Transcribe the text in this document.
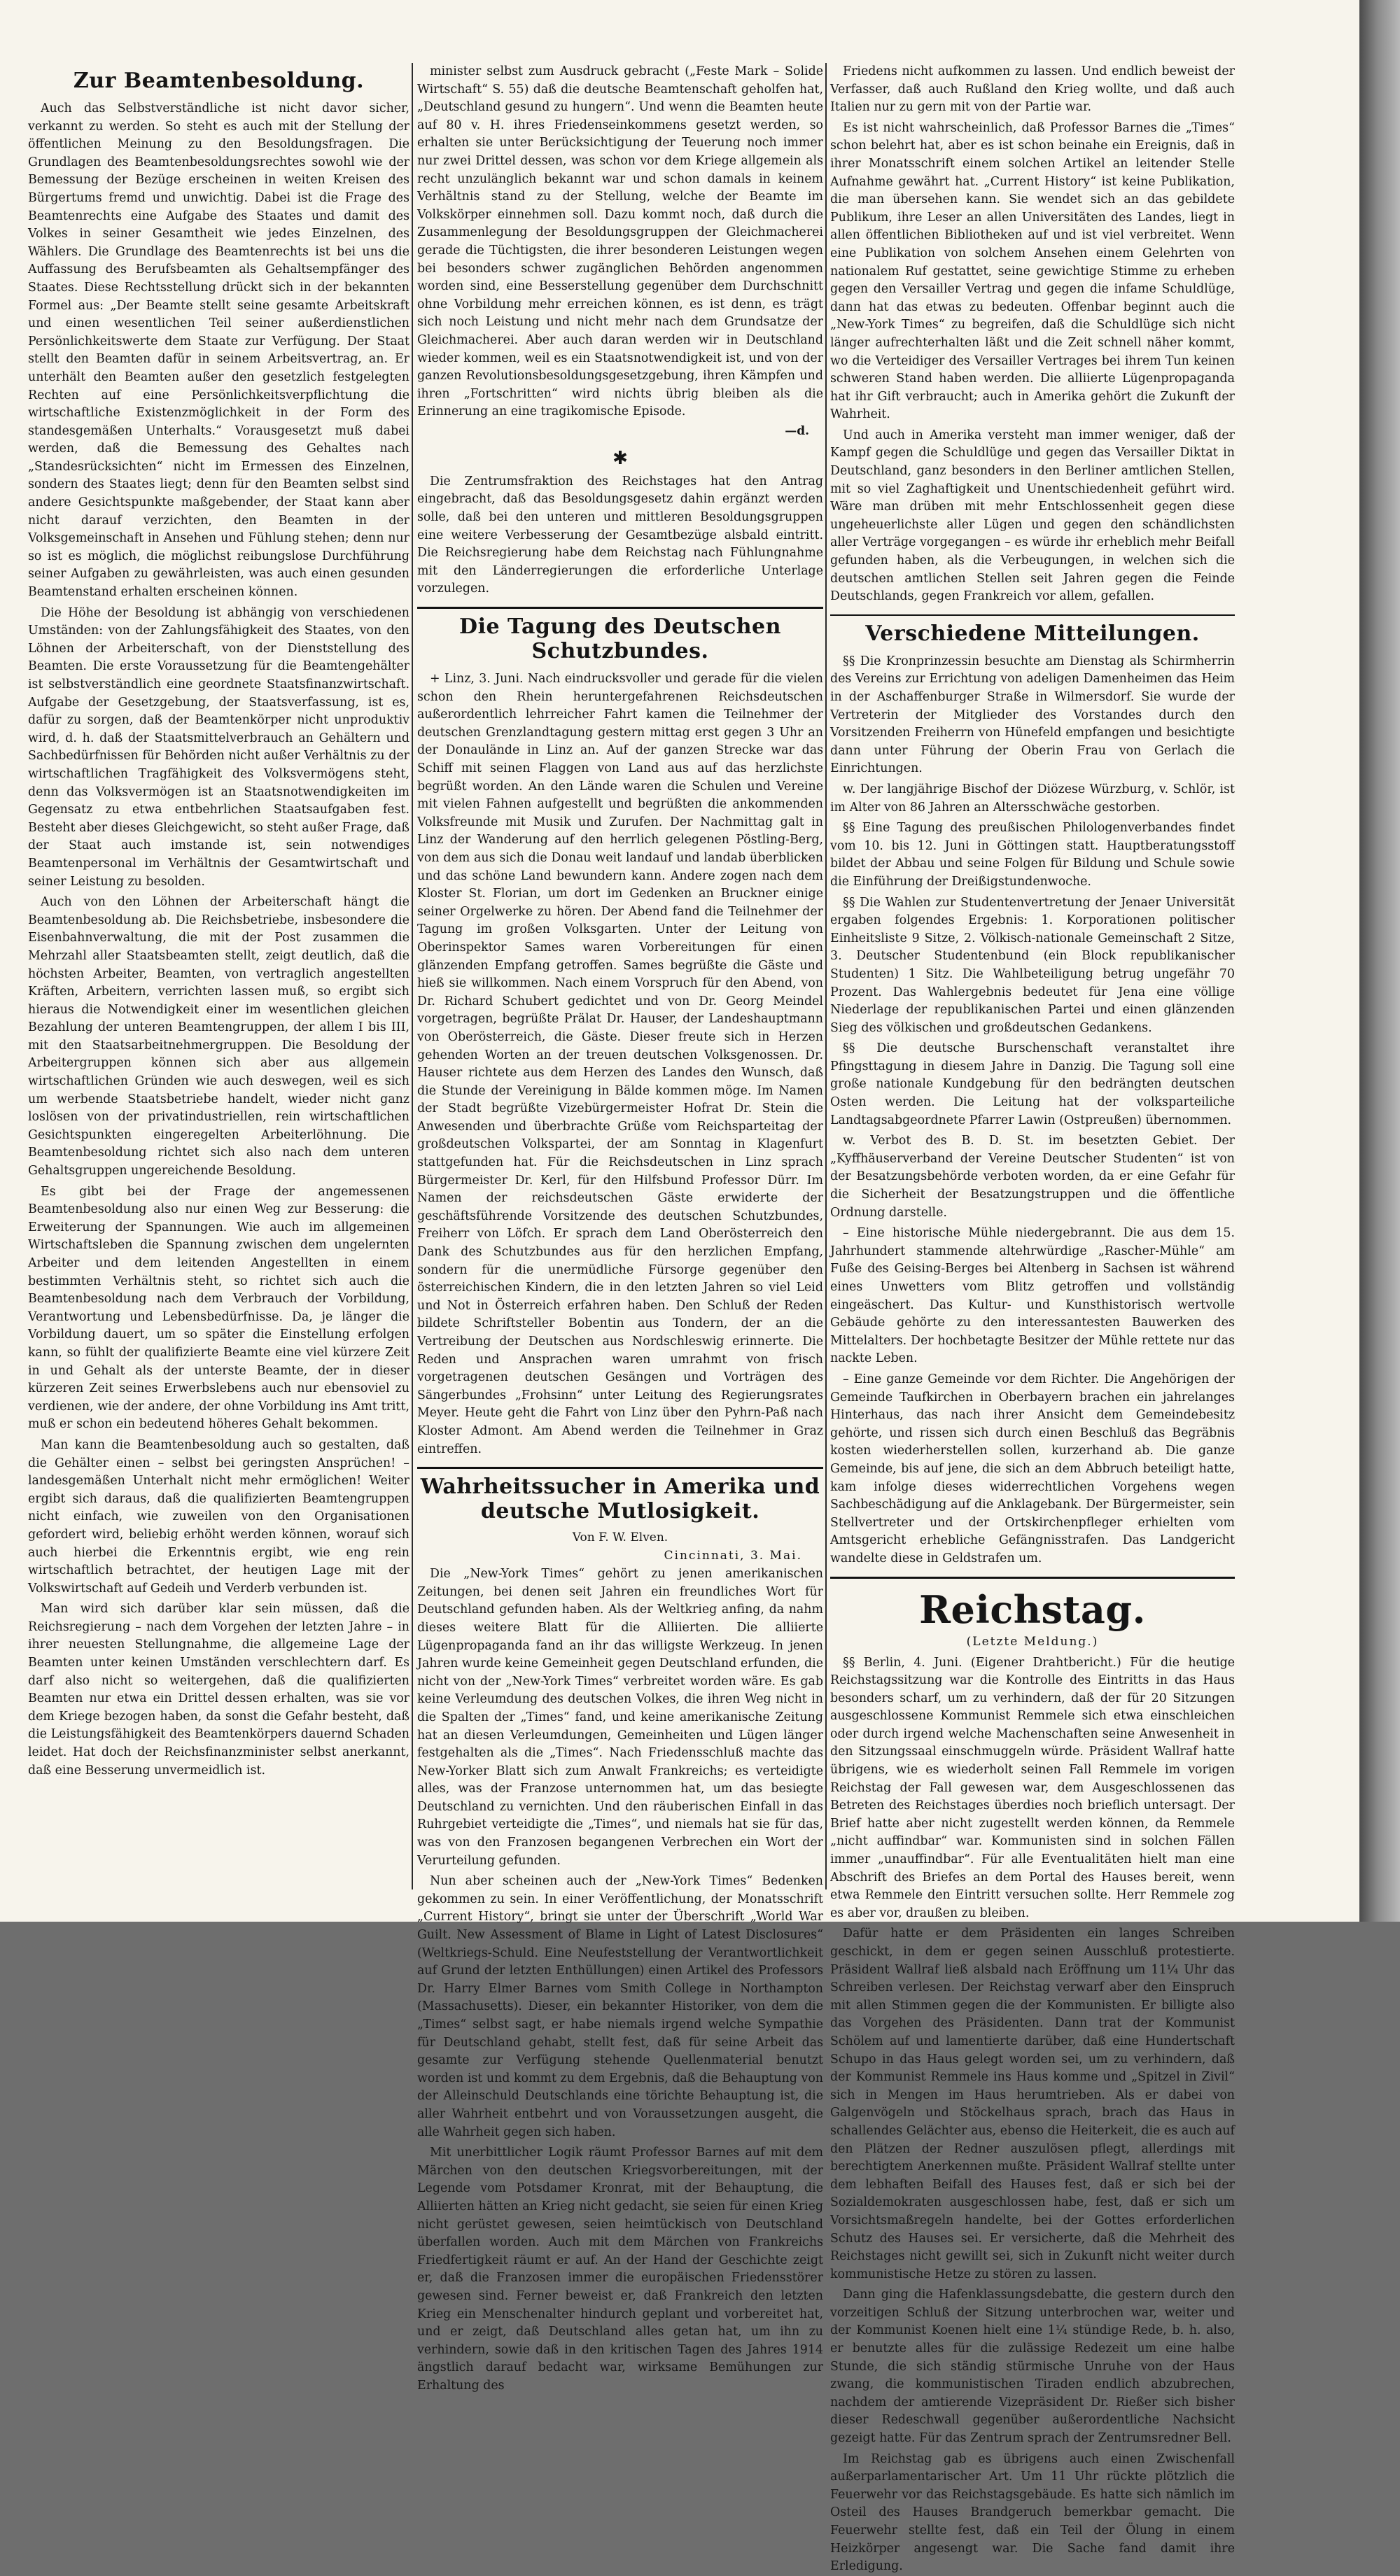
Zur Beamtenbesoldung.

Auch das Selbstverständliche ist nicht davor sicher, verkannt zu werden. So steht es auch mit der Stellung der öffentlichen Meinung zu den Besoldungsfragen. Die Grundlagen des Beamtenbesoldungsrechtes sowohl wie der Bemessung der Bezüge erscheinen in weiten Kreisen des Bürgertums fremd und unwichtig. Dabei ist die Frage des Beamtenrechts eine Aufgabe des Staates und damit des Volkes in seiner Gesamtheit wie jedes Einzelnen, des Wählers. Die Grundlage des Beamtenrechts ist bei uns die Auffassung des Berufsbeamten als Gehaltsempfänger des Staates. Diese Rechtsstellung drückt sich in der bekannten Formel aus: „Der Beamte stellt seine gesamte Arbeitskraft und einen wesentlichen Teil seiner außerdienstlichen Persönlichkeitswerte dem Staate zur Verfügung. Der Staat stellt den Beamten dafür in seinem Arbeitsvertrag, an. Er unterhält den Beamten außer den gesetzlich festgelegten Rechten auf eine Persönlichkeitsverpflichtung die wirtschaftliche Existenzmöglichkeit in der Form des standesgemäßen Unterhalts.“ Vorausgesetzt muß dabei werden, daß die Bemessung des Gehaltes nach „Standesrücksichten“ nicht im Ermessen des Einzelnen, sondern des Staates liegt; denn für den Beamten selbst sind andere Gesichtspunkte maßgebender, der Staat kann aber nicht darauf verzichten, den Beamten in der Volksgemeinschaft in Ansehen und Fühlung stehen; denn nur so ist es möglich, die möglichst reibungslose Durchführung seiner Aufgaben zu gewährleisten, was auch einen gesunden Beamtenstand erhalten erscheinen können.

Die Höhe der Besoldung ist abhängig von verschiedenen Umständen: von der Zahlungsfähigkeit des Staates, von den Löhnen der Arbeiterschaft, von der Dienststellung des Beamten. Die erste Voraussetzung für die Beamtengehälter ist selbstverständlich eine geordnete Staatsfinanzwirtschaft. Aufgabe der Gesetzgebung, der Staatsverfassung, ist es, dafür zu sorgen, daß der Beamtenkörper nicht unproduktiv wird, d. h. daß der Staatsmittelverbrauch an Gehältern und Sachbedürfnissen für Behörden nicht außer Verhältnis zu der wirtschaftlichen Tragfähigkeit des Volksvermögens steht, denn das Volksvermögen ist an Staatsnotwendigkeiten im Gegensatz zu etwa entbehrlichen Staatsaufgaben fest. Besteht aber dieses Gleichgewicht, so steht außer Frage, daß der Staat auch imstande ist, sein notwendiges Beamtenpersonal im Verhältnis der Gesamtwirtschaft und seiner Leistung zu besolden.

Auch von den Löhnen der Arbeiterschaft hängt die Beamtenbesoldung ab. Die Reichsbetriebe, insbesondere die Eisenbahnverwaltung, die mit der Post zusammen die Mehrzahl aller Staatsbeamten stellt, zeigt deutlich, daß die höchsten Arbeiter, Beamten, von vertraglich angestellten Kräften, Arbeitern, verrichten lassen muß, so ergibt sich hieraus die Notwendigkeit einer im wesentlichen gleichen Bezahlung der unteren Beamtengruppen, der allem I bis III, mit den Staatsarbeitnehmergruppen. Die Besoldung der Arbeitergruppen können sich aber aus allgemein wirtschaftlichen Gründen wie auch deswegen, weil es sich um werbende Staatsbetriebe handelt, wieder nicht ganz loslösen von der privatindustriellen, rein wirtschaftlichen Gesichtspunkten eingeregelten Arbeiterlöhnung. Die Beamtenbesoldung richtet sich also nach dem unteren Gehaltsgruppen ungereichende Besoldung.

Es gibt bei der Frage der angemessenen Beamtenbesoldung also nur einen Weg zur Besserung: die Erweiterung der Spannungen. Wie auch im allgemeinen Wirtschaftsleben die Spannung zwischen dem ungelernten Arbeiter und dem leitenden Angestellten in einem bestimmten Verhältnis steht, so richtet sich auch die Beamtenbesoldung nach dem Verbrauch der Vorbildung, Verantwortung und Lebensbedürfnisse. Da, je länger die Vorbildung dauert, um so später die Einstellung erfolgen kann, so fühlt der qualifizierte Beamte eine viel kürzere Zeit in und Gehalt als der unterste Beamte, der in dieser kürzeren Zeit seines Erwerbslebens auch nur ebensoviel zu verdienen, wie der andere, der ohne Vorbildung ins Amt tritt, muß er schon ein bedeutend höheres Gehalt bekommen.

Man kann die Beamtenbesoldung auch so gestalten, daß die Gehälter einen – selbst bei geringsten Ansprüchen! – landesgemäßen Unterhalt nicht mehr ermöglichen! Weiter ergibt sich daraus, daß die qualifizierten Beamtengruppen nicht einfach, wie zuweilen von den Organisationen gefordert wird, beliebig erhöht werden können, worauf sich auch hierbei die Erkenntnis ergibt, wie eng rein wirtschaftlich betrachtet, der heutigen Lage mit der Volkswirtschaft auf Gedeih und Verderb verbunden ist.

Man wird sich darüber klar sein müssen, daß die Reichsregierung – nach dem Vorgehen der letzten Jahre – in ihrer neuesten Stellungnahme, die allgemeine Lage der Beamten unter keinen Umständen verschlechtern darf. Es darf also nicht so weitergehen, daß die qualifizierten Beamten nur etwa ein Drittel dessen erhalten, was sie vor dem Kriege bezogen haben, da sonst die Gefahr besteht, daß die Leistungsfähigkeit des Beamtenkörpers dauernd Schaden leidet. Hat doch der Reichsfinanzminister selbst anerkannt, daß eine Besserung unvermeidlich ist.

minister selbst zum Ausdruck gebracht („Feste Mark – Solide Wirtschaft“ S. 55) daß die deutsche Beamtenschaft geholfen hat, „Deutschland gesund zu hungern“. Und wenn die Beamten heute auf 80 v. H. ihres Friedenseinkommens gesetzt werden, so erhalten sie unter Berücksichtigung der Teuerung noch immer nur zwei Drittel dessen, was schon vor dem Kriege allgemein als recht unzulänglich bekannt war und schon damals in keinem Verhältnis stand zu der Stellung, welche der Beamte im Volkskörper einnehmen soll. Dazu kommt noch, daß durch die Zusammenlegung der Besoldungsgruppen der Gleichmacherei gerade die Tüchtigsten, die ihrer besonderen Leistungen wegen bei besonders schwer zugänglichen Behörden angenommen worden sind, eine Besserstellung gegenüber dem Durchschnitt ohne Vorbildung mehr erreichen können, es ist denn, es trägt sich noch Leistung und nicht mehr nach dem Grundsatze der Gleichmacherei. Aber auch daran werden wir in Deutschland wieder kommen, weil es ein Staatsnotwendigkeit ist, und von der ganzen Revolutionsbesoldungsgesetzgebung, ihren Kämpfen und ihren „Fortschritten“ wird nichts übrig bleiben als die Erinnerung an eine tragikomische Episode.

—d.
✱

Die Zentrumsfraktion des Reichstages hat den Antrag eingebracht, daß das Besoldungsgesetz dahin ergänzt werden solle, daß bei den unteren und mittleren Besoldungsgruppen eine weitere Verbesserung der Gesamtbezüge alsbald eintritt. Die Reichsregierung habe dem Reichstag nach Fühlungnahme mit den Länderregierungen die erforderliche Unterlage vorzulegen.

Die Tagung des Deutschen Schutzbundes.

+ Linz, 3. Juni. Nach eindrucksvoller und gerade für die vielen schon den Rhein heruntergefahrenen Reichsdeutschen außerordentlich lehrreicher Fahrt kamen die Teilnehmer der deutschen Grenzlandtagung gestern mittag erst gegen 3 Uhr an der Donaulände in Linz an. Auf der ganzen Strecke war das Schiff mit seinen Flaggen von Land aus auf das herzlichste begrüßt worden. An den Lände waren die Schulen und Vereine mit vielen Fahnen aufgestellt und begrüßten die ankommenden Volksfreunde mit Musik und Zurufen. Der Nachmittag galt in Linz der Wanderung auf den herrlich gelegenen Pöstling-Berg, von dem aus sich die Donau weit landauf und landab überblicken und das schöne Land bewundern kann. Andere zogen nach dem Kloster St. Florian, um dort im Gedenken an Bruckner einige seiner Orgelwerke zu hören. Der Abend fand die Teilnehmer der Tagung im großen Volksgarten. Unter der Leitung von Oberinspektor Sames waren Vorbereitungen für einen glänzenden Empfang getroffen. Sames begrüßte die Gäste und hieß sie willkommen. Nach einem Vorspruch für den Abend, von Dr. Richard Schubert gedichtet und von Dr. Georg Meindel vorgetragen, begrüßte Prälat Dr. Hauser, der Landeshauptmann von Oberösterreich, die Gäste. Dieser freute sich in Herzen gehenden Worten an der treuen deutschen Volksgenossen. Dr. Hauser richtete aus dem Herzen des Landes den Wunsch, daß die Stunde der Vereinigung in Bälde kommen möge. Im Namen der Stadt begrüßte Vizebürgermeister Hofrat Dr. Stein die Anwesenden und überbrachte Grüße vom Reichsparteitag der großdeutschen Volkspartei, der am Sonntag in Klagenfurt stattgefunden hat. Für die Reichsdeutschen in Linz sprach Bürgermeister Dr. Kerl, für den Hilfsbund Professor Dürr. Im Namen der reichsdeutschen Gäste erwiderte der geschäftsführende Vorsitzende des deutschen Schutzbundes, Freiherr von Löfch. Er sprach dem Land Oberösterreich den Dank des Schutzbundes aus für den herzlichen Empfang, sondern für die unermüdliche Fürsorge gegenüber den österreichischen Kindern, die in den letzten Jahren so viel Leid und Not in Österreich erfahren haben. Den Schluß der Reden bildete Schriftsteller Bobentin aus Tondern, der an die Vertreibung der Deutschen aus Nordschleswig erinnerte. Die Reden und Ansprachen waren umrahmt von frisch vorgetragenen deutschen Gesängen und Vorträgen des Sängerbundes „Frohsinn“ unter Leitung des Regierungsrates Meyer. Heute geht die Fahrt von Linz über den Pyhrn-Paß nach Kloster Admont. Am Abend werden die Teilnehmer in Graz eintreffen.

Wahrheitssucher in Amerika und deutsche Mutlosigkeit.
Von F. W. Elven.
Cincinnati, 3. Mai.

Die „New-York Times“ gehört zu jenen amerikanischen Zeitungen, bei denen seit Jahren ein freundliches Wort für Deutschland gefunden haben. Als der Weltkrieg anfing, da nahm dieses weitere Blatt für die Alliierten. Die alliierte Lügenpropaganda fand an ihr das willigste Werkzeug. In jenen Jahren wurde keine Gemeinheit gegen Deutschland erfunden, die nicht von der „New-York Times“ verbreitet worden wäre. Es gab keine Verleumdung des deutschen Volkes, die ihren Weg nicht in die Spalten der „Times“ fand, und keine amerikanische Zeitung hat an diesen Verleumdungen, Gemeinheiten und Lügen länger festgehalten als die „Times“. Nach Friedensschluß machte das New-Yorker Blatt sich zum Anwalt Frankreichs; es verteidigte alles, was der Franzose unternommen hat, um das besiegte Deutschland zu vernichten. Und den räuberischen Einfall in das Ruhrgebiet verteidigte die „Times“, und niemals hat sie für das, was von den Franzosen begangenen Verbrechen ein Wort der Verurteilung gefunden.

Nun aber scheinen auch der „New-York Times“ Bedenken gekommen zu sein. In einer Veröffentlichung, der Monatsschrift „Current History“, bringt sie unter der Überschrift „World War Guilt. New Assessment of Blame in Light of Latest Disclosures“ (Weltkriegs-Schuld. Eine Neufeststellung der Verantwortlichkeit auf Grund der letzten Enthüllungen) einen Artikel des Professors Dr. Harry Elmer Barnes vom Smith College in Northampton (Massachusetts). Dieser, ein bekannter Historiker, von dem die „Times“ selbst sagt, er habe niemals irgend welche Sympathie für Deutschland gehabt, stellt fest, daß für seine Arbeit das gesamte zur Verfügung stehende Quellenmaterial benutzt worden ist und kommt zu dem Ergebnis, daß die Behauptung von der Alleinschuld Deutschlands eine törichte Behauptung ist, die aller Wahrheit entbehrt und von Voraussetzungen ausgeht, die alle Wahrheit gegen sich haben.

Mit unerbittlicher Logik räumt Professor Barnes auf mit dem Märchen von den deutschen Kriegsvorbereitungen, mit der Legende vom Potsdamer Kronrat, mit der Behauptung, die Alliierten hätten an Krieg nicht gedacht, sie seien für einen Krieg nicht gerüstet gewesen, seien heimtückisch von Deutschland überfallen worden. Auch mit dem Märchen von Frankreichs Friedfertigkeit räumt er auf. An der Hand der Geschichte zeigt er, daß die Franzosen immer die europäischen Friedensstörer gewesen sind. Ferner beweist er, daß Frankreich den letzten Krieg ein Menschenalter hindurch geplant und vorbereitet hat, und er zeigt, daß Deutschland alles getan hat, um ihn zu verhindern, sowie daß in den kritischen Tagen des Jahres 1914 ängstlich darauf bedacht war, wirksame Bemühungen zur Erhaltung des

Friedens nicht aufkommen zu lassen. Und endlich beweist der Verfasser, daß auch Rußland den Krieg wollte, und daß auch Italien nur zu gern mit von der Partie war.

Es ist nicht wahrscheinlich, daß Professor Barnes die „Times“ schon belehrt hat, aber es ist schon beinahe ein Ereignis, daß in ihrer Monatsschrift einem solchen Artikel an leitender Stelle Aufnahme gewährt hat. „Current History“ ist keine Publikation, die man übersehen kann. Sie wendet sich an das gebildete Publikum, ihre Leser an allen Universitäten des Landes, liegt in allen öffentlichen Bibliotheken auf und ist viel verbreitet. Wenn eine Publikation von solchem Ansehen einem Gelehrten von nationalem Ruf gestattet, seine gewichtige Stimme zu erheben gegen den Versailler Vertrag und gegen die infame Schuldlüge, dann hat das etwas zu bedeuten. Offenbar beginnt auch die „New-York Times“ zu begreifen, daß die Schuldlüge sich nicht länger aufrechterhalten läßt und die Zeit schnell näher kommt, wo die Verteidiger des Versailler Vertrages bei ihrem Tun keinen schweren Stand haben werden. Die alliierte Lügenpropaganda hat ihr Gift verbraucht; auch in Amerika gehört die Zukunft der Wahrheit.

Und auch in Amerika versteht man immer weniger, daß der Kampf gegen die Schuldlüge und gegen das Versailler Diktat in Deutschland, ganz besonders in den Berliner amtlichen Stellen, mit so viel Zaghaftigkeit und Unentschiedenheit geführt wird. Wäre man drüben mit mehr Entschlossenheit gegen diese ungeheuerlichste aller Lügen und gegen den schändlichsten aller Verträge vorgegangen – es würde ihr erheblich mehr Beifall gefunden haben, als die Verbeugungen, in welchen sich die deutschen amtlichen Stellen seit Jahren gegen die Feinde Deutschlands, gegen Frankreich vor allem, gefallen.

Verschiedene Mitteilungen.

§§ Die Kronprinzessin besuchte am Dienstag als Schirmherrin des Vereins zur Errichtung von adeligen Damenheimen das Heim in der Aschaffenburger Straße in Wilmersdorf. Sie wurde der Vertreterin der Mitglieder des Vorstandes durch den Vorsitzenden Freiherrn von Hünefeld empfangen und besichtigte dann unter Führung der Oberin Frau von Gerlach die Einrichtungen.

w. Der langjährige Bischof der Diözese Würzburg, v. Schlör, ist im Alter von 86 Jahren an Altersschwäche gestorben.

§§ Eine Tagung des preußischen Philologenverbandes findet vom 10. bis 12. Juni in Göttingen statt. Hauptberatungsstoff bildet der Abbau und seine Folgen für Bildung und Schule sowie die Einführung der Dreißigstundenwoche.

§§ Die Wahlen zur Studentenvertretung der Jenaer Universität ergaben folgendes Ergebnis: 1. Korporationen politischer Einheitsliste 9 Sitze, 2. Völkisch-nationale Gemeinschaft 2 Sitze, 3. Deutscher Studentenbund (ein Block republikanischer Studenten) 1 Sitz. Die Wahlbeteiligung betrug ungefähr 70 Prozent. Das Wahlergebnis bedeutet für Jena eine völlige Niederlage der republikanischen Partei und einen glänzenden Sieg des völkischen und großdeutschen Gedankens.

§§ Die deutsche Burschenschaft veranstaltet ihre Pfingsttagung in diesem Jahre in Danzig. Die Tagung soll eine große nationale Kundgebung für den bedrängten deutschen Osten werden. Die Leitung hat der volksparteiliche Landtagsabgeordnete Pfarrer Lawin (Ostpreußen) übernommen.

w. Verbot des B. D. St. im besetzten Gebiet. Der „Kyffhäuserverband der Vereine Deutscher Studenten“ ist von der Besatzungsbehörde verboten worden, da er eine Gefahr für die Sicherheit der Besatzungstruppen und die öffentliche Ordnung darstelle.

– Eine historische Mühle niedergebrannt. Die aus dem 15. Jahrhundert stammende altehrwürdige „Rascher-Mühle“ am Fuße des Geising-Berges bei Altenberg in Sachsen ist während eines Unwetters vom Blitz getroffen und vollständig eingeäschert. Das Kultur- und Kunsthistorisch wertvolle Gebäude gehörte zu den interessantesten Bauwerken des Mittelalters. Der hochbetagte Besitzer der Mühle rettete nur das nackte Leben.

– Eine ganze Gemeinde vor dem Richter. Die Angehörigen der Gemeinde Taufkirchen in Oberbayern brachen ein jahrelanges Hinterhaus, das nach ihrer Ansicht dem Gemeindebesitz gehörte, und rissen sich durch einen Beschluß das Begräbnis kosten wiederherstellen sollen, kurzerhand ab. Die ganze Gemeinde, bis auf jene, die sich an dem Abbruch beteiligt hatte, kam infolge dieses widerrechtlichen Vorgehens wegen Sachbeschädigung auf die Anklagebank. Der Bürgermeister, sein Stellvertreter und der Ortskirchenpfleger erhielten vom Amtsgericht erhebliche Gefängnisstrafen. Das Landgericht wandelte diese in Geldstrafen um.

Reichstag.
(Letzte Meldung.)

§§ Berlin, 4. Juni. (Eigener Drahtbericht.) Für die heutige Reichstagssitzung war die Kontrolle des Eintritts in das Haus besonders scharf, um zu verhindern, daß der für 20 Sitzungen ausgeschlossene Kommunist Remmele sich etwa einschleichen oder durch irgend welche Machenschaften seine Anwesenheit in den Sitzungssaal einschmuggeln würde. Präsident Wallraf hatte übrigens, wie es wiederholt seinen Fall Remmele im vorigen Reichstag der Fall gewesen war, dem Ausgeschlossenen das Betreten des Reichstages überdies noch brieflich untersagt. Der Brief hatte aber nicht zugestellt werden können, da Remmele „nicht auffindbar“ war. Kommunisten sind in solchen Fällen immer „unauffindbar“. Für alle Eventualitäten hielt man eine Abschrift des Briefes an dem Portal des Hauses bereit, wenn etwa Remmele den Eintritt versuchen sollte. Herr Remmele zog es aber vor, draußen zu bleiben.

Dafür hatte er dem Präsidenten ein langes Schreiben geschickt, in dem er gegen seinen Ausschluß protestierte. Präsident Wallraf ließ alsbald nach Eröffnung um 11¼ Uhr das Schreiben verlesen. Der Reichstag verwarf aber den Einspruch mit allen Stimmen gegen die der Kommunisten. Er billigte also das Vorgehen des Präsidenten. Dann trat der Kommunist Schölem auf und lamentierte darüber, daß eine Hundertschaft Schupo in das Haus gelegt worden sei, um zu verhindern, daß der Kommunist Remmele ins Haus komme und „Spitzel in Zivil“ sich in Mengen im Haus herumtrieben. Als er dabei von Galgenvögeln und Stöckelhaus sprach, brach das Haus in schallendes Gelächter aus, ebenso die Heiterkeit, die es auch auf den Plätzen der Redner auszulösen pflegt, allerdings mit berechtigtem Anerkennen mußte. Präsident Wallraf stellte unter dem lebhaften Beifall des Hauses fest, daß er sich bei der Sozialdemokraten ausgeschlossen habe, fest, daß er sich um Vorsichtsmaßregeln handelte, bei der Gottes erforderlichen Schutz des Hauses sei. Er versicherte, daß die Mehrheit des Reichstages nicht gewillt sei, sich in Zukunft nicht weiter durch kommunistische Hetze zu stören zu lassen.

Dann ging die Hafenklassungsdebatte, die gestern durch den vorzeitigen Schluß der Sitzung unterbrochen war, weiter und der Kommunist Koenen hielt eine 1¼ stündige Rede, b. h. also, er benutzte alles für die zulässige Redezeit um eine halbe Stunde, die sich ständig stürmische Unruhe von der Haus zwang, die kommunistischen Tiraden endlich abzubrechen, nachdem der amtierende Vizepräsident Dr. Rießer sich bisher dieser Redeschwall gegenüber außerordentliche Nachsicht gezeigt hatte. Für das Zentrum sprach der Zentrumsredner Bell.

Im Reichstag gab es übrigens auch einen Zwischenfall außerparlamentarischer Art. Um 11 Uhr rückte plötzlich die Feuerwehr vor das Reichstagsgebäude. Es hatte sich nämlich im Osteil des Hauses Brandgeruch bemerkbar gemacht. Die Feuerwehr stellte fest, daß ein Teil der Ölung in einem Heizkörper angesengt war. Die Sache fand damit ihre Erledigung.
